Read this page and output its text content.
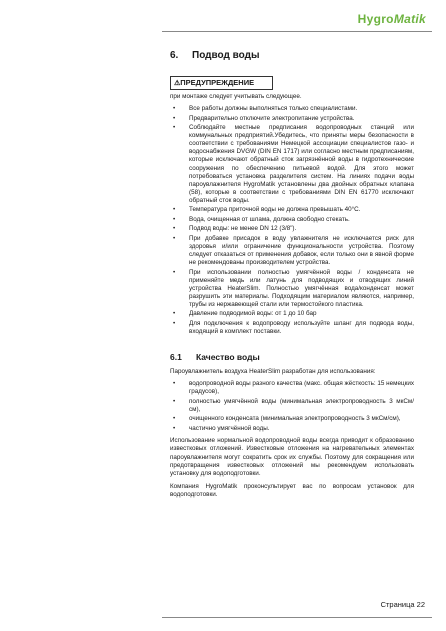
HygroMatik
6. Подвод воды
⚠ПРЕДУПРЕЖДЕНИЕ

при монтаже следует учитывать следующее.

• Все работы должны выполняться только специалистами.
• Предварительно отключите электропитание устройства.
• Соблюдайте местные предписания водопроводных станций или коммунальных предприятий.Убедитесь, что приняты меры безопасности в соответствии с требованиями Немецкой ассоциации специалистов газо- и водоснабжения DVGW (DIN EN 1717) или согласно местным предписаниям, которые исключают обратный сток загрязнённой воды в гидротехнические сооружения по обеспечению питьевой водой. Для этого может потребоваться установка разделителя систем. На линиях подачи воды пароувлажнителя HygroMatik установлены два двойных обратных клапана (58), которые в соответствии с требованиями DIN EN 61770 исключают обратный сток воды.
• Температура приточной воды не должна превышать 40°C.
• Вода, очищенная от шлама, должна свободно стекать.
• Подвод воды: не менее DN 12 (3/8").
• При добавке присадок в воду увлажнителя не исключается риск для здоровья и/или ограничение функциональности устройства. Поэтому следует отказаться от применения добавок, если только они в явной форме не рекомендованы производителем устройства.
• При использовании полностью умягчённой воды / конденсата не применяйте медь или латунь для подводящих и отводящих линий устройства HeaterSlim. Полностью умягчённая вода/конденсат может разрушить эти материалы. Подходящим материалом являются, например, трубы из нержавеющей стали или термостойкого пластика.
• Давление подводимой воды: от 1 до 10 бар
• Для подключения к водопроводу используйте шланг для подвода воды, входящий в комплект поставки.
6.1 Качество воды

Пароувлажнитель воздуха HeaterSlim разработан для использования:

• водопроводной воды разного качества (макс. общая жёсткость: 15 немецких градусов),
• полностью умягчённой воды (минимальная электропроводность 3 мкСм/см),
• очищенного конденсата (минимальная электропроводность 3 мкСм/см),
• частично умягчённой воды.

Использование нормальной водопроводной воды всегда приводит к образованию известковых отложений. Известковые отложения на нагревательных элементах пароувлажнителя могут сократить срок их службы. Поэтому для сокращения или предотвращения известковых отложений мы рекомендуем использовать установку для водоподготовки.

Компания HygroMatik проконсультирует вас по вопросам установок для водоподготовки.

Страница 22
